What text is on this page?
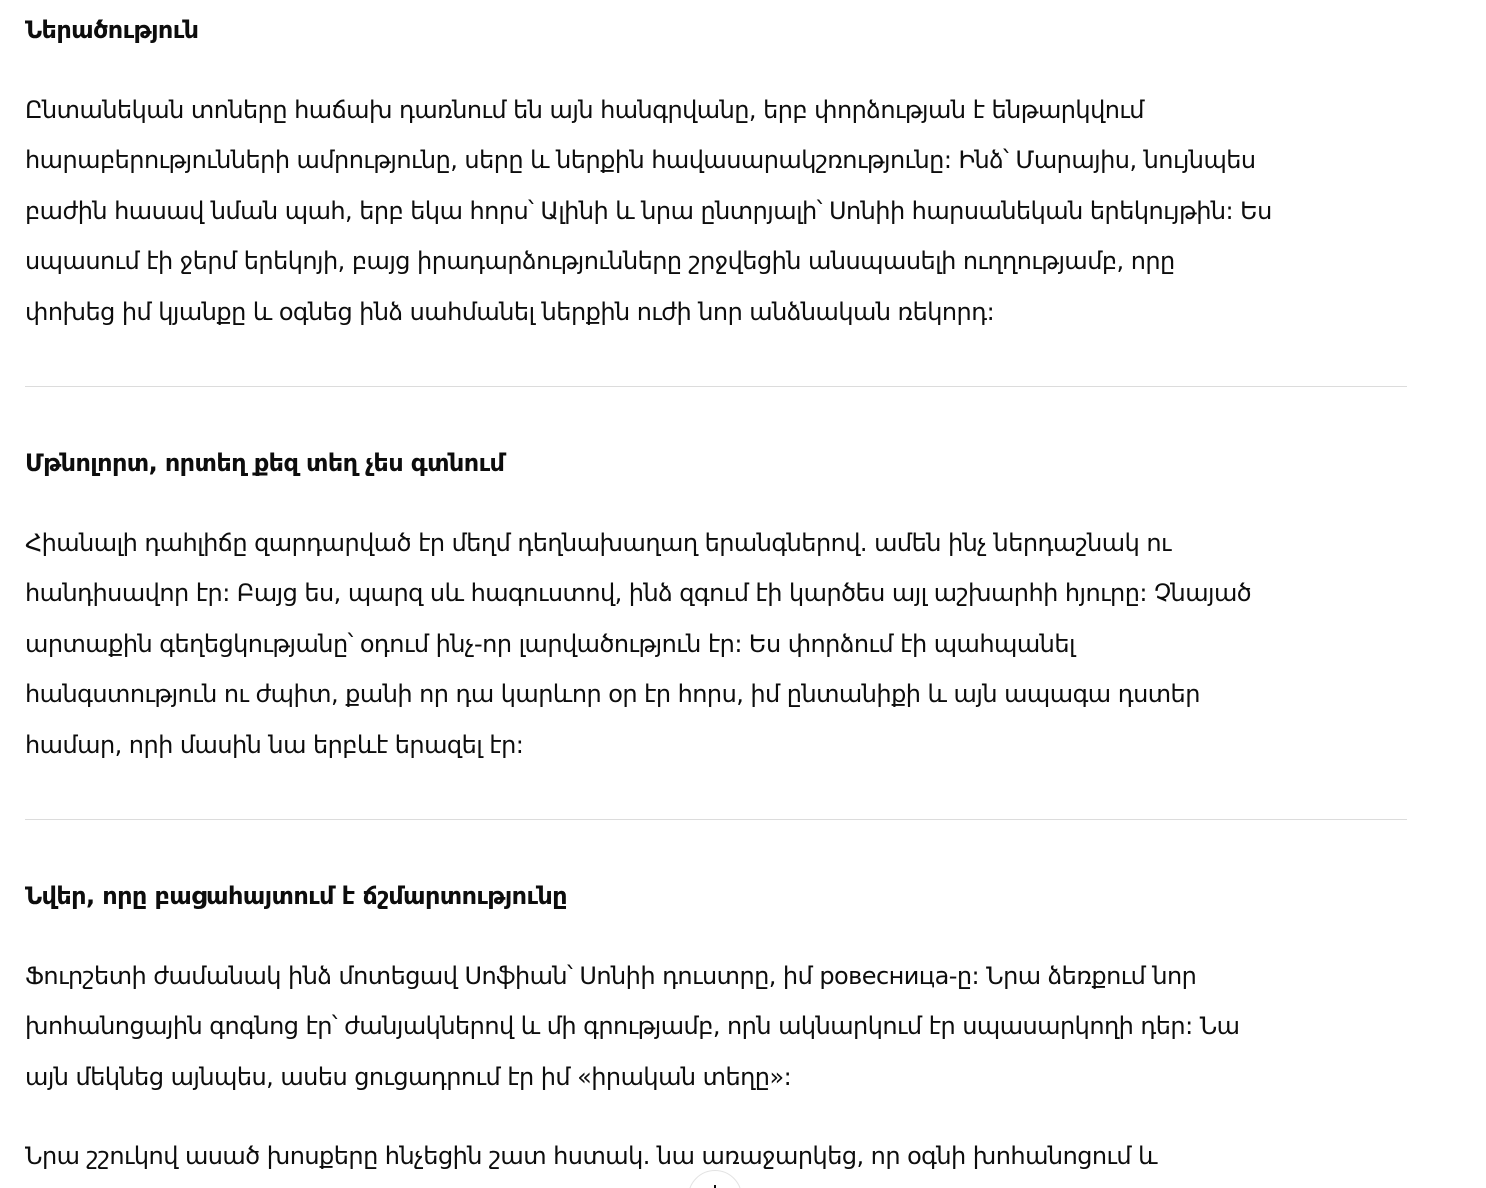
Ներածություն

Ընտանեկան տոները հաճախ դառնում են այն հանգրվանը, երբ փորձության է ենթարկվում
հարաբերությունների ամրությունը, սերը և ներքին հավասարակշռությունը: Ինձ՝ Մարայիս, նույնպես
բաժին հասավ նման պահ, երբ եկա հորս՝ Ալինի և նրա ընտրյալի՝ Սոնիի հարսանեկան երեկույթին: Ես
սպասում էի ջերմ երեկոյի, բայց իրադարձությունները շրջվեցին անսպասելի ուղղությամբ, որը
փոխեց իմ կյանքը և օգնեց ինձ սահմանել ներքին ուժի նոր անձնական ռեկորդ:

Մթնոլորտ, որտեղ քեզ տեղ չես գտնում

Հիանալի դահլիճը զարդարված էր մեղմ դեղնախաղաղ երանգներով. ամեն ինչ ներդաշնակ ու
հանդիսավոր էր: Բայց ես, պարզ սև հագուստով, ինձ զգում էի կարծես այլ աշխարհի հյուրը: Չնայած
արտաքին գեղեցկությանը՝ օդում ինչ-որ լարվածություն էր: Ես փորձում էի պահպանել
հանգստություն ու ժպիտ, քանի որ դա կարևոր օր էր հորս, իմ ընտանիքի և այն ապագա դստեր
համար, որի մասին նա երբևէ երազել էր:

Նվեր, որը բացահայտում է ճշմարտությունը

Ֆուրշետի ժամանակ ինձ մոտեցավ Սոֆիան՝ Սոնիի դուստրը, իմ ровесница-ը: Նրա ձեռքում նոր
խոհանոցային գոգնոց էր՝ ժանյակներով և մի գրությամբ, որն ակնարկում էր սպասարկողի դեր: Նա
այն մեկնեց այնպես, ասես ցուցադրում էր իմ «իրական տեղը»:

Նրա շշուկով ասած խոսքերը հնչեցին շատ հստակ. նա առաջարկեց, որ օգնի խոհանոցում և
